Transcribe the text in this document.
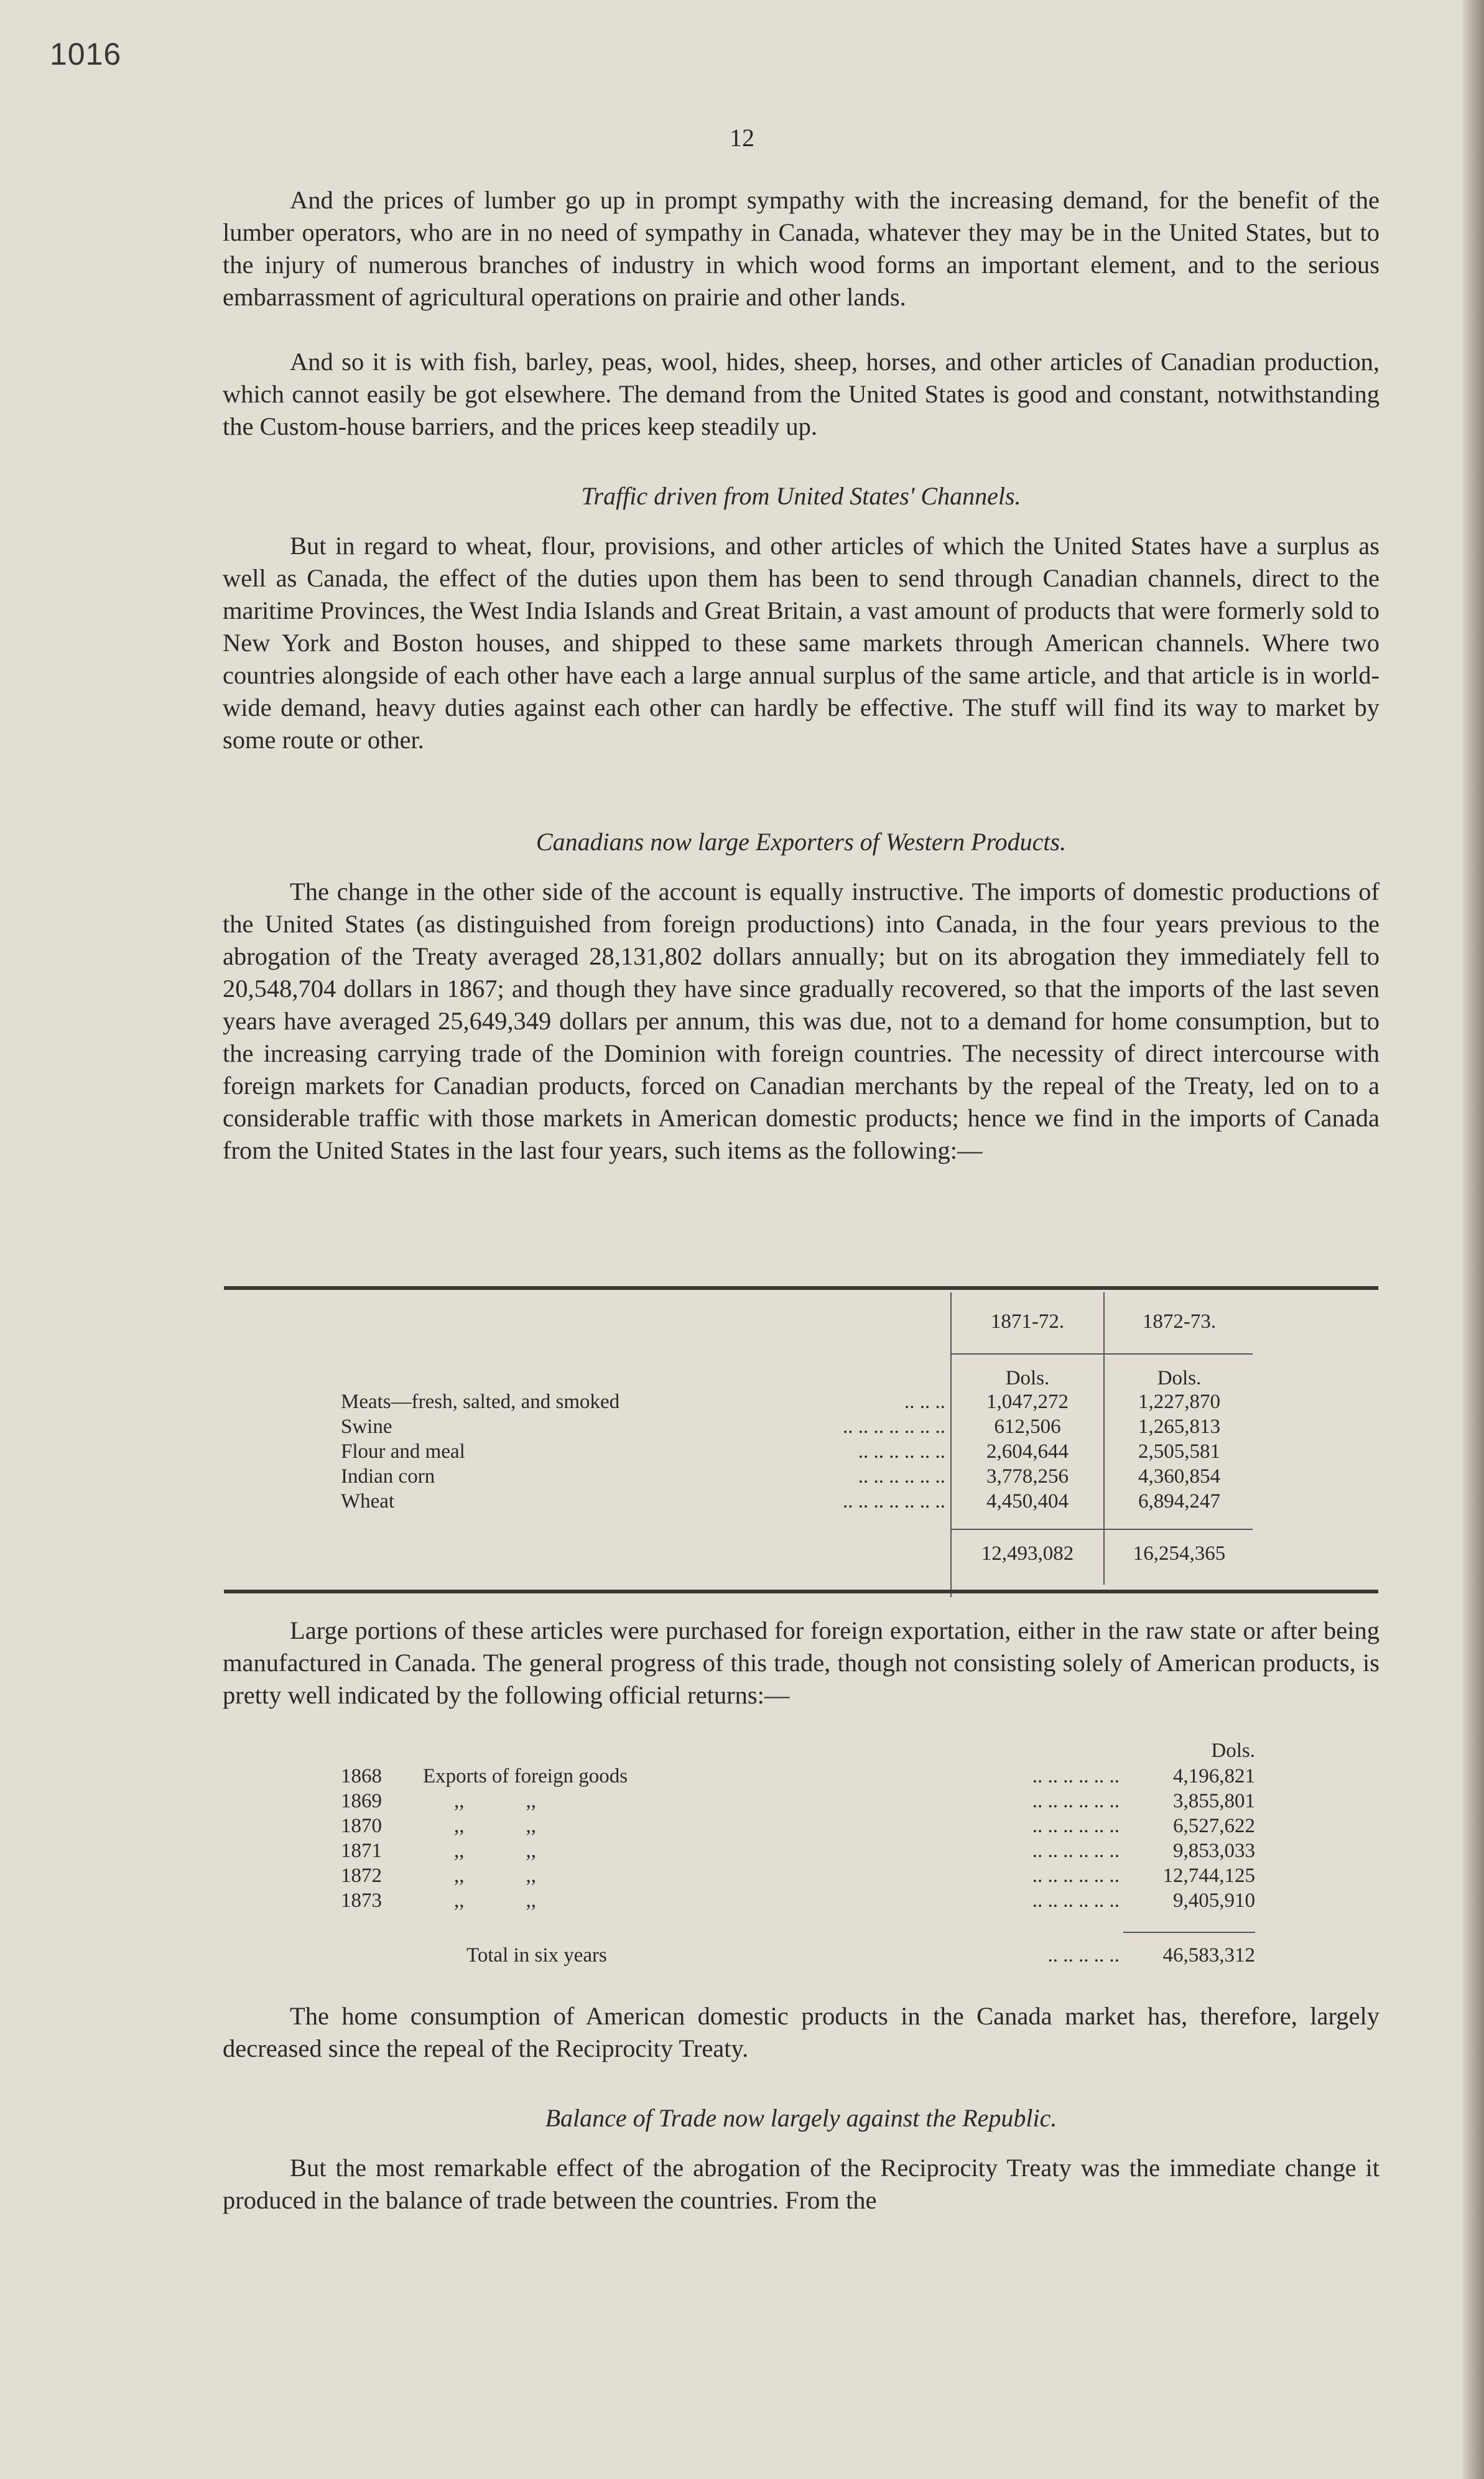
1016
12

And the prices of lumber go up in prompt sympathy with the increasing demand, for the benefit of the lumber operators, who are in no need of sympathy in Canada, whatever they may be in the United States, but to the injury of numerous branches of industry in which wood forms an important element, and to the serious embarrassment of agricultural operations on prairie and other lands.

And so it is with fish, barley, peas, wool, hides, sheep, horses, and other articles of Canadian production, which cannot easily be got elsewhere. The demand from the United States is good and constant, notwithstanding the Custom-house barriers, and the prices keep steadily up.

Traffic driven from United States' Channels.

But in regard to wheat, flour, provisions, and other articles of which the United States have a surplus as well as Canada, the effect of the duties upon them has been to send through Canadian channels, direct to the maritime Provinces, the West India Islands and Great Britain, a vast amount of products that were formerly sold to New York and Boston houses, and shipped to these same markets through American channels. Where two countries alongside of each other have each a large annual surplus of the same article, and that article is in world-wide demand, heavy duties against each other can hardly be effective. The stuff will find its way to market by some route or other.

Canadians now large Exporters of Western Products.

The change in the other side of the account is equally instructive. The imports of domestic productions of the United States (as distinguished from foreign productions) into Canada, in the four years previous to the abrogation of the Treaty averaged 28,131,802 dollars annually; but on its abrogation they immediately fell to 20,548,704 dollars in 1867; and though they have since gradually recovered, so that the imports of the last seven years have averaged 25,649,349 dollars per annum, this was due, not to a demand for home consumption, but to the increasing carrying trade of the Dominion with foreign countries. The necessity of direct intercourse with foreign markets for Canadian products, forced on Canadian merchants by the repeal of the Treaty, led on to a considerable traffic with those markets in American domestic products; hence we find in the imports of Canada from the United States in the last four years, such items as the following:—

1871-72.	1872-73.
Dols.	Dols.
Meats—fresh, salted, and smoked	.. .. ..	1,047,272	1,227,870
Swine	.. .. .. .. .. .. ..	612,506	1,265,813
Flour and meal	.. .. .. .. .. ..	2,604,644	2,505,581
Indian corn	.. .. .. .. .. ..	3,778,256	4,360,854
Wheat	.. .. .. .. .. .. ..	4,450,404	6,894,247
12,493,082	16,254,365

Large portions of these articles were purchased for foreign exportation, either in the raw state or after being manufactured in Canada. The general progress of this trade, though not consisting solely of American products, is pretty well indicated by the following official returns:—

Dols.
1868 Exports of foreign goods	.. .. .. .. .. ..	4,196,821
1869	,,            ,,	.. .. .. .. .. ..	3,855,801
1870	,,            ,,	.. .. .. .. .. ..	6,527,622
1871	,,            ,,	.. .. .. .. .. ..	9,853,033
1872	,,            ,,	.. .. .. .. .. ..	12,744,125
1873	,,            ,,	.. .. .. .. .. ..	9,405,910
Total in six years	.. .. .. .. ..	46,583,312

The home consumption of American domestic products in the Canada market has, therefore, largely decreased since the repeal of the Reciprocity Treaty.

Balance of Trade now largely against the Republic.

But the most remarkable effect of the abrogation of the Reciprocity Treaty was the immediate change it produced in the balance of trade between the countries. From the
